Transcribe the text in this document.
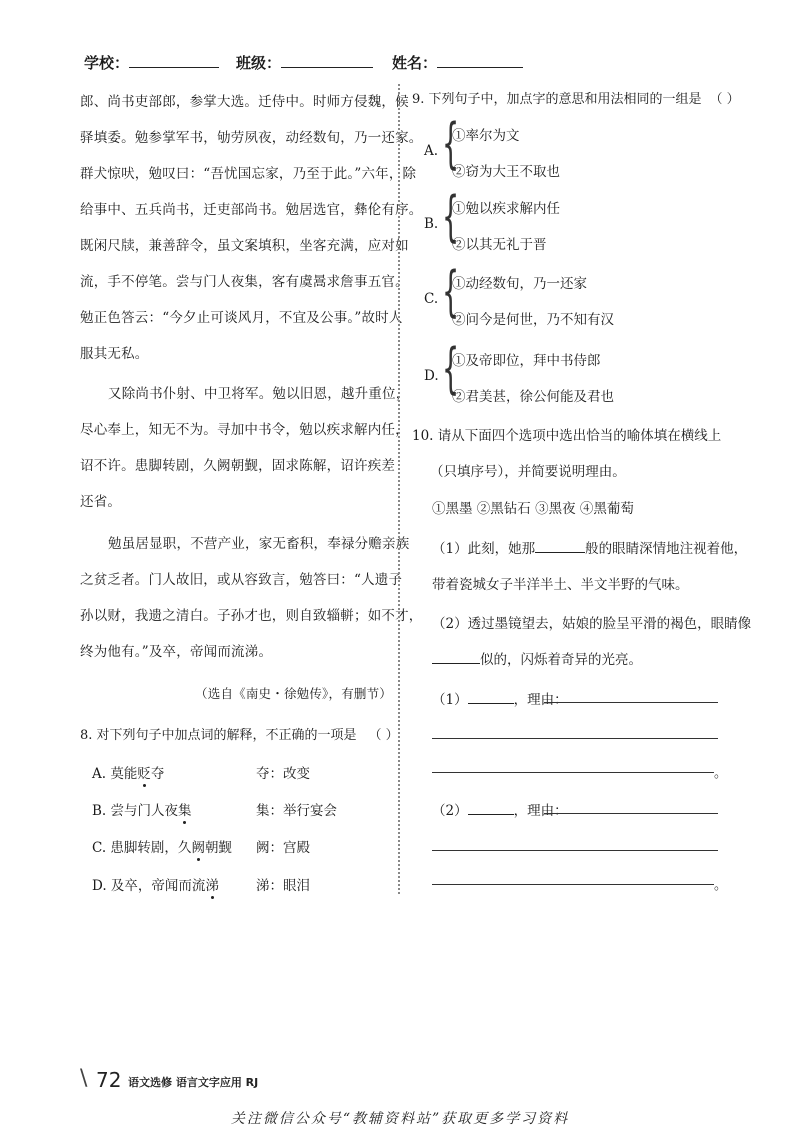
学校：	班级：	姓名：
郎、尚书吏部郎，参掌大选。迁侍中。时师方侵魏，候
驿填委。勉参掌军书，劬劳夙夜，动经数旬，乃一还家。
群犬惊吠，勉叹曰：“吾忧国忘家，乃至于此。”六年，除
给事中、五兵尚书，迁吏部尚书。勉居选官，彝伦有序。
既闲尺牍，兼善辞令，虽文案填积，坐客充满，应对如
流，手不停笔。尝与门人夜集，客有虞暠求詹事五官。
勉正色答云：“今夕止可谈风月，不宜及公事。”故时人
服其无私。
又除尚书仆射、中卫将军。勉以旧恩，越升重位，
尽心奉上，知无不为。寻加中书令，勉以疾求解内任，
诏不许。患脚转剧，久阙朝觐，固求陈解，诏许疾差
还省。
勉虽居显职，不营产业，家无畜积，奉禄分赡亲族
之贫乏者。门人故旧，或从容致言，勉答曰：“人遗子
孙以财，我遗之清白。子孙才也，则自致辎軿；如不才，
终为他有。”及卒，帝闻而流涕。
（选自《南史・徐勉传》，有删节）
8. 对下列句子中加点词的解释，不正确的一项是 （ ）
A. 莫能贬夺	夺：改变
B. 尝与门人夜集	集：举行宴会
C. 患脚转剧，久阙朝觐 阙：宫殿
D. 及卒，帝闻而流涕	涕：眼泪
9. 下列句子中，加点字的意思和用法相同的一组是 （ ）
A. {
①率尔为文
②窃为大王不取也
B. {
①勉以疾求解内任
②以其无礼于晋
C. {
①动经数旬，乃一还家
②问今是何世，乃不知有汉
D. {
①及帝即位，拜中书侍郎
②君美甚，徐公何能及君也
10. 请从下面四个选项中选出恰当的喻体填在横线上
（只填序号），并简要说明理由。
①黑墨 ②黑钻石 ③黑夜 ④黑葡萄
（1）此刻，她那	般的眼睛深情地注视着他，
带着瓷城女子半洋半土、半文半野的气味。
（2）透过墨镜望去，姑娘的脸呈平滑的褐色，眼睛像
似的，闪烁着奇异的光亮。
（1）	，理由：
。
（2）	，理由：
。
\ 72 语文选修 语言文字应用 RJ
关注微信公众号“教辅资料站”获取更多学习资料
